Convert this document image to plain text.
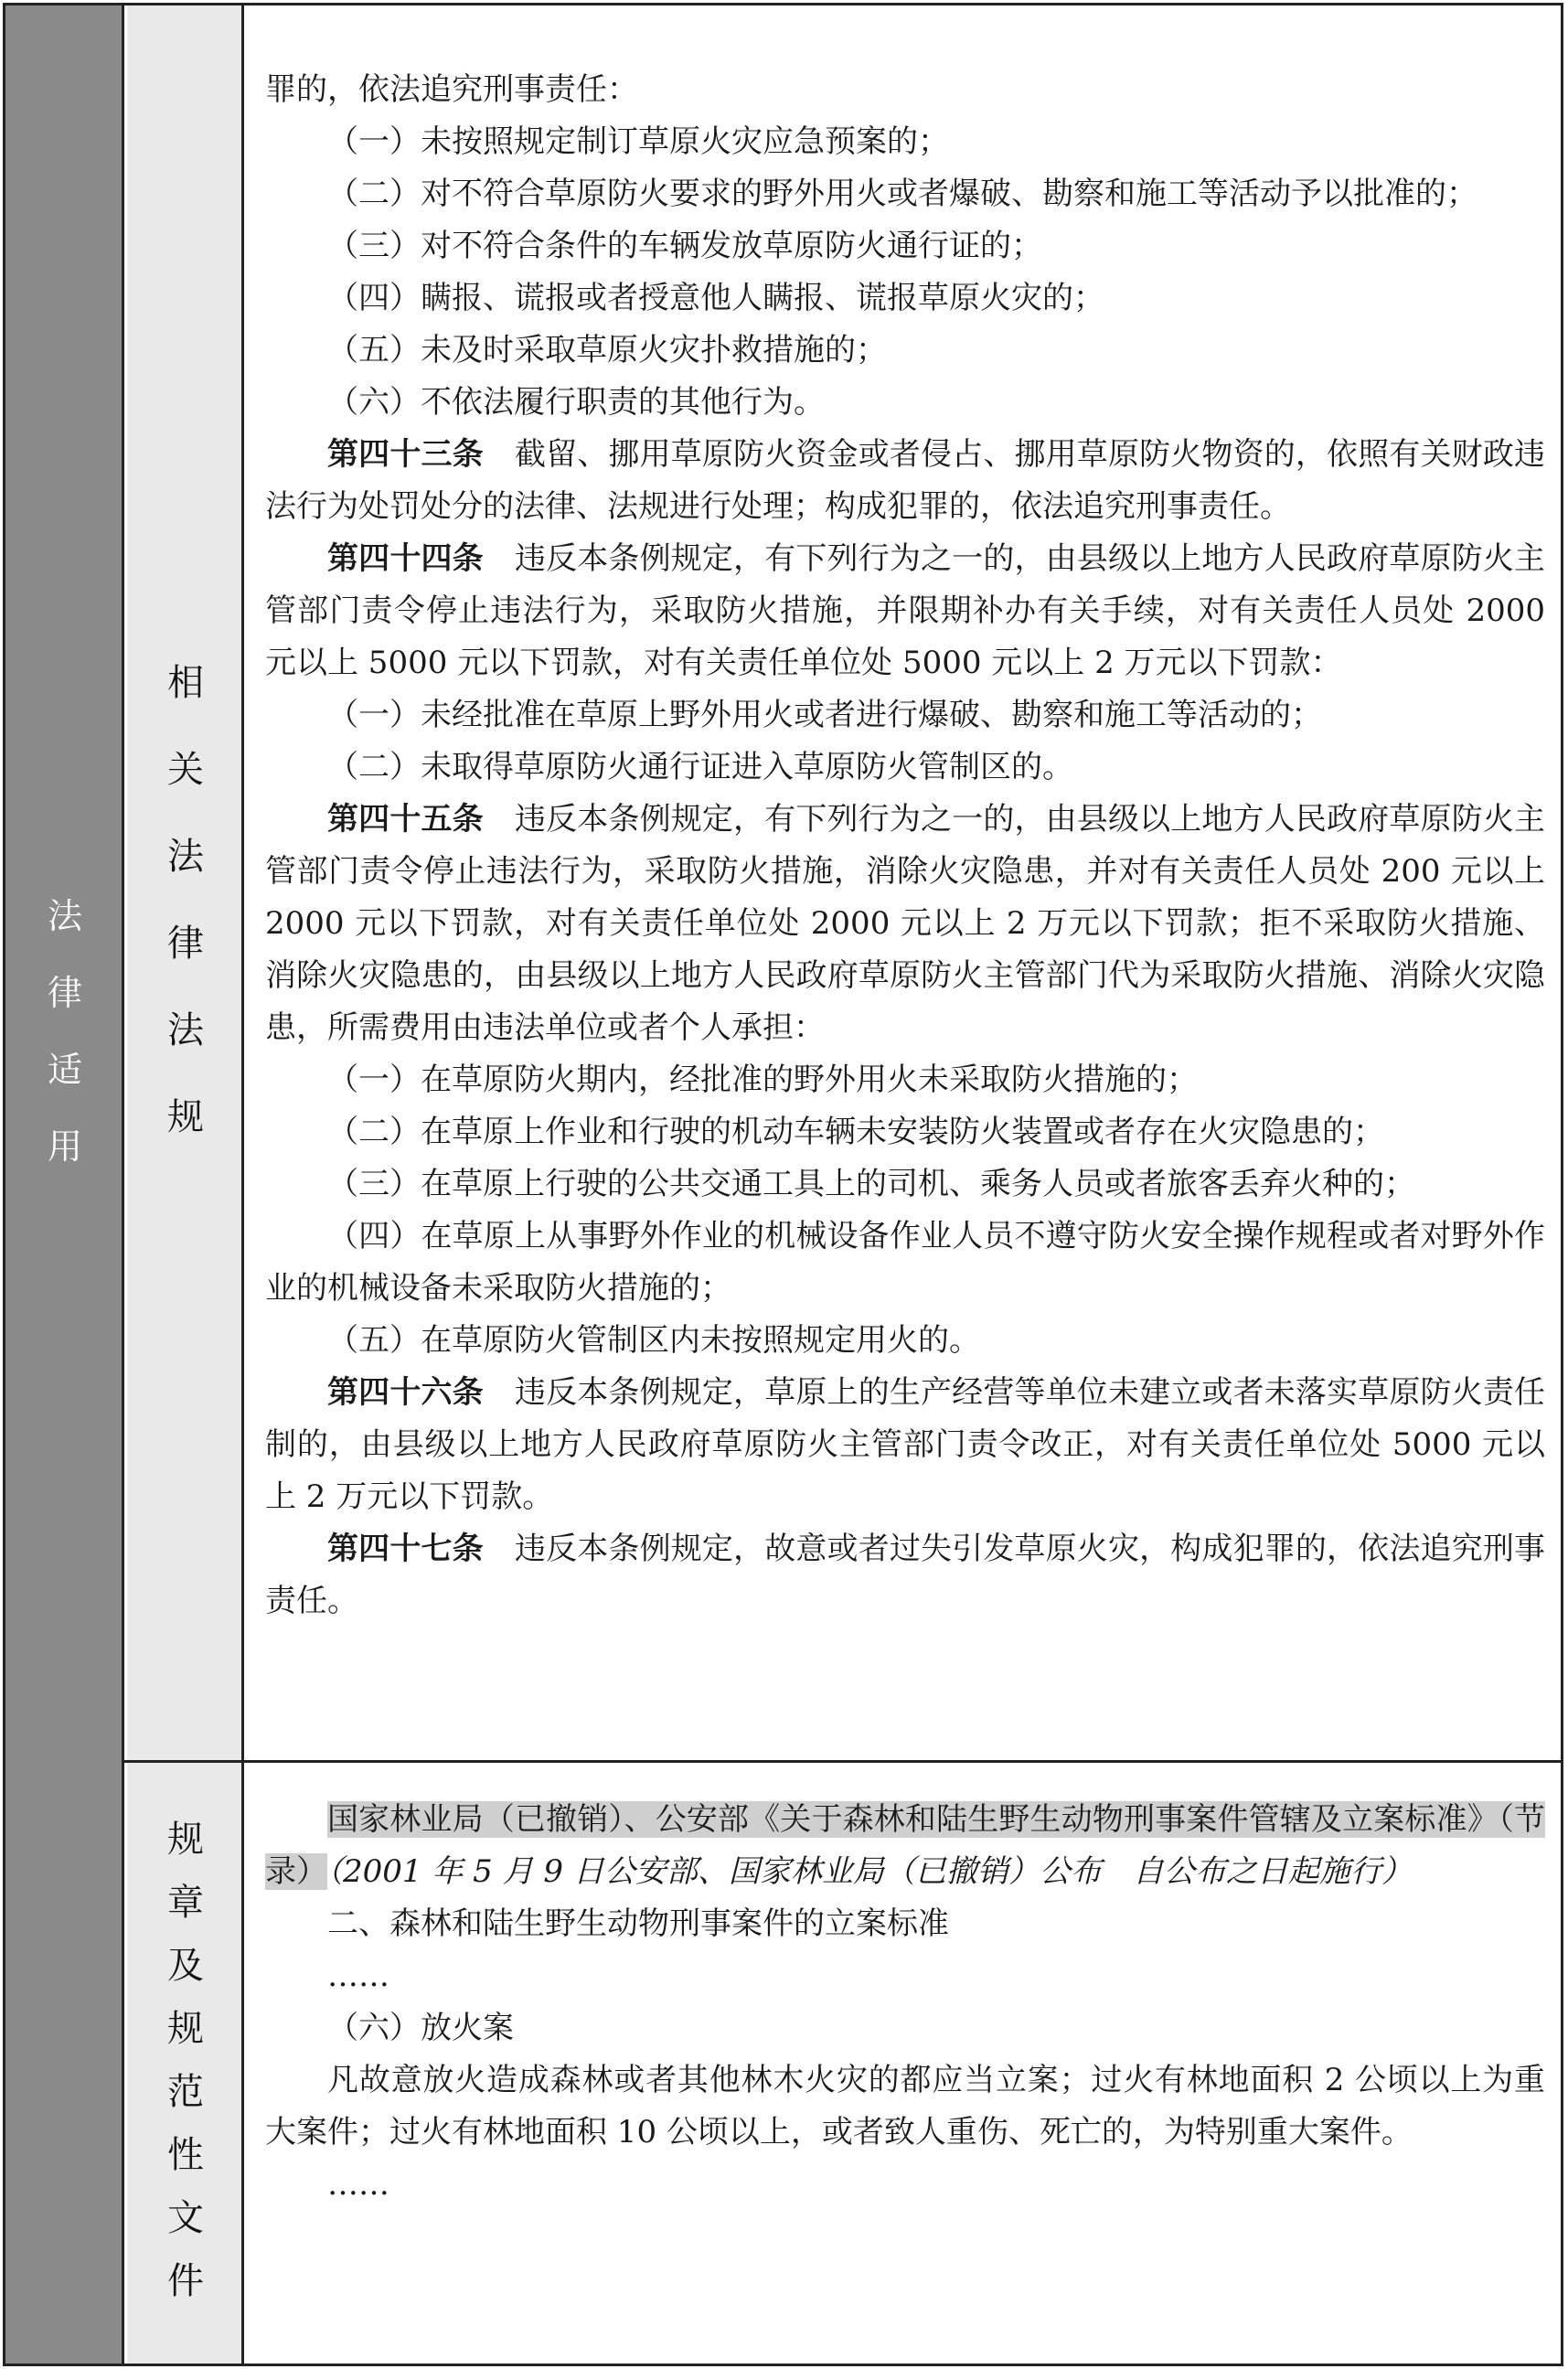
法
律
适
用
相
关
法
律
法
规
规
章
及
规
范
性
文
件

罪的，依法追究刑事责任：

（一）未按照规定制订草原火灾应急预案的；

（二）对不符合草原防火要求的野外用火或者爆破、勘察和施工等活动予以批准的；

（三）对不符合条件的车辆发放草原防火通行证的；

（四）瞒报、谎报或者授意他人瞒报、谎报草原火灾的；

（五）未及时采取草原火灾扑救措施的；

（六）不依法履行职责的其他行为。

第四十三条　截留、挪用草原防火资金或者侵占、挪用草原防火物资的，依照有关财政违法行为处罚处分的法律、法规进行处理；构成犯罪的，依法追究刑事责任。

第四十四条　违反本条例规定，有下列行为之一的，由县级以上地方人民政府草原防火主管部门责令停止违法行为，采取防火措施，并限期补办有关手续，对有关责任人员处 2000 元以上 5000 元以下罚款，对有关责任单位处 5000 元以上 2 万元以下罚款：

（一）未经批准在草原上野外用火或者进行爆破、勘察和施工等活动的；

（二）未取得草原防火通行证进入草原防火管制区的。

第四十五条　违反本条例规定，有下列行为之一的，由县级以上地方人民政府草原防火主管部门责令停止违法行为，采取防火措施，消除火灾隐患，并对有关责任人员处 200 元以上 2000 元以下罚款，对有关责任单位处 2000 元以上 2 万元以下罚款；拒不采取防火措施、消除火灾隐患的，由县级以上地方人民政府草原防火主管部门代为采取防火措施、消除火灾隐患，所需费用由违法单位或者个人承担：

（一）在草原防火期内，经批准的野外用火未采取防火措施的；

（二）在草原上作业和行驶的机动车辆未安装防火装置或者存在火灾隐患的；

（三）在草原上行驶的公共交通工具上的司机、乘务人员或者旅客丢弃火种的；

（四）在草原上从事野外作业的机械设备作业人员不遵守防火安全操作规程或者对野外作业的机械设备未采取防火措施的；

（五）在草原防火管制区内未按照规定用火的。

第四十六条　违反本条例规定，草原上的生产经营等单位未建立或者未落实草原防火责任制的，由县级以上地方人民政府草原防火主管部门责令改正，对有关责任单位处 5000 元以上 2 万元以下罚款。

第四十七条　违反本条例规定，故意或者过失引发草原火灾，构成犯罪的，依法追究刑事责任。

国家林业局（已撤销）、公安部《关于森林和陆生野生动物刑事案件管辖及立案标准》（节录）（2001 年 5 月 9 日公安部、国家林业局（已撤销）公布　自公布之日起施行）

二、森林和陆生野生动物刑事案件的立案标准

……

（六）放火案

凡故意放火造成森林或者其他林木火灾的都应当立案；过火有林地面积 2 公顷以上为重大案件；过火有林地面积 10 公顷以上，或者致人重伤、死亡的，为特别重大案件。

……
